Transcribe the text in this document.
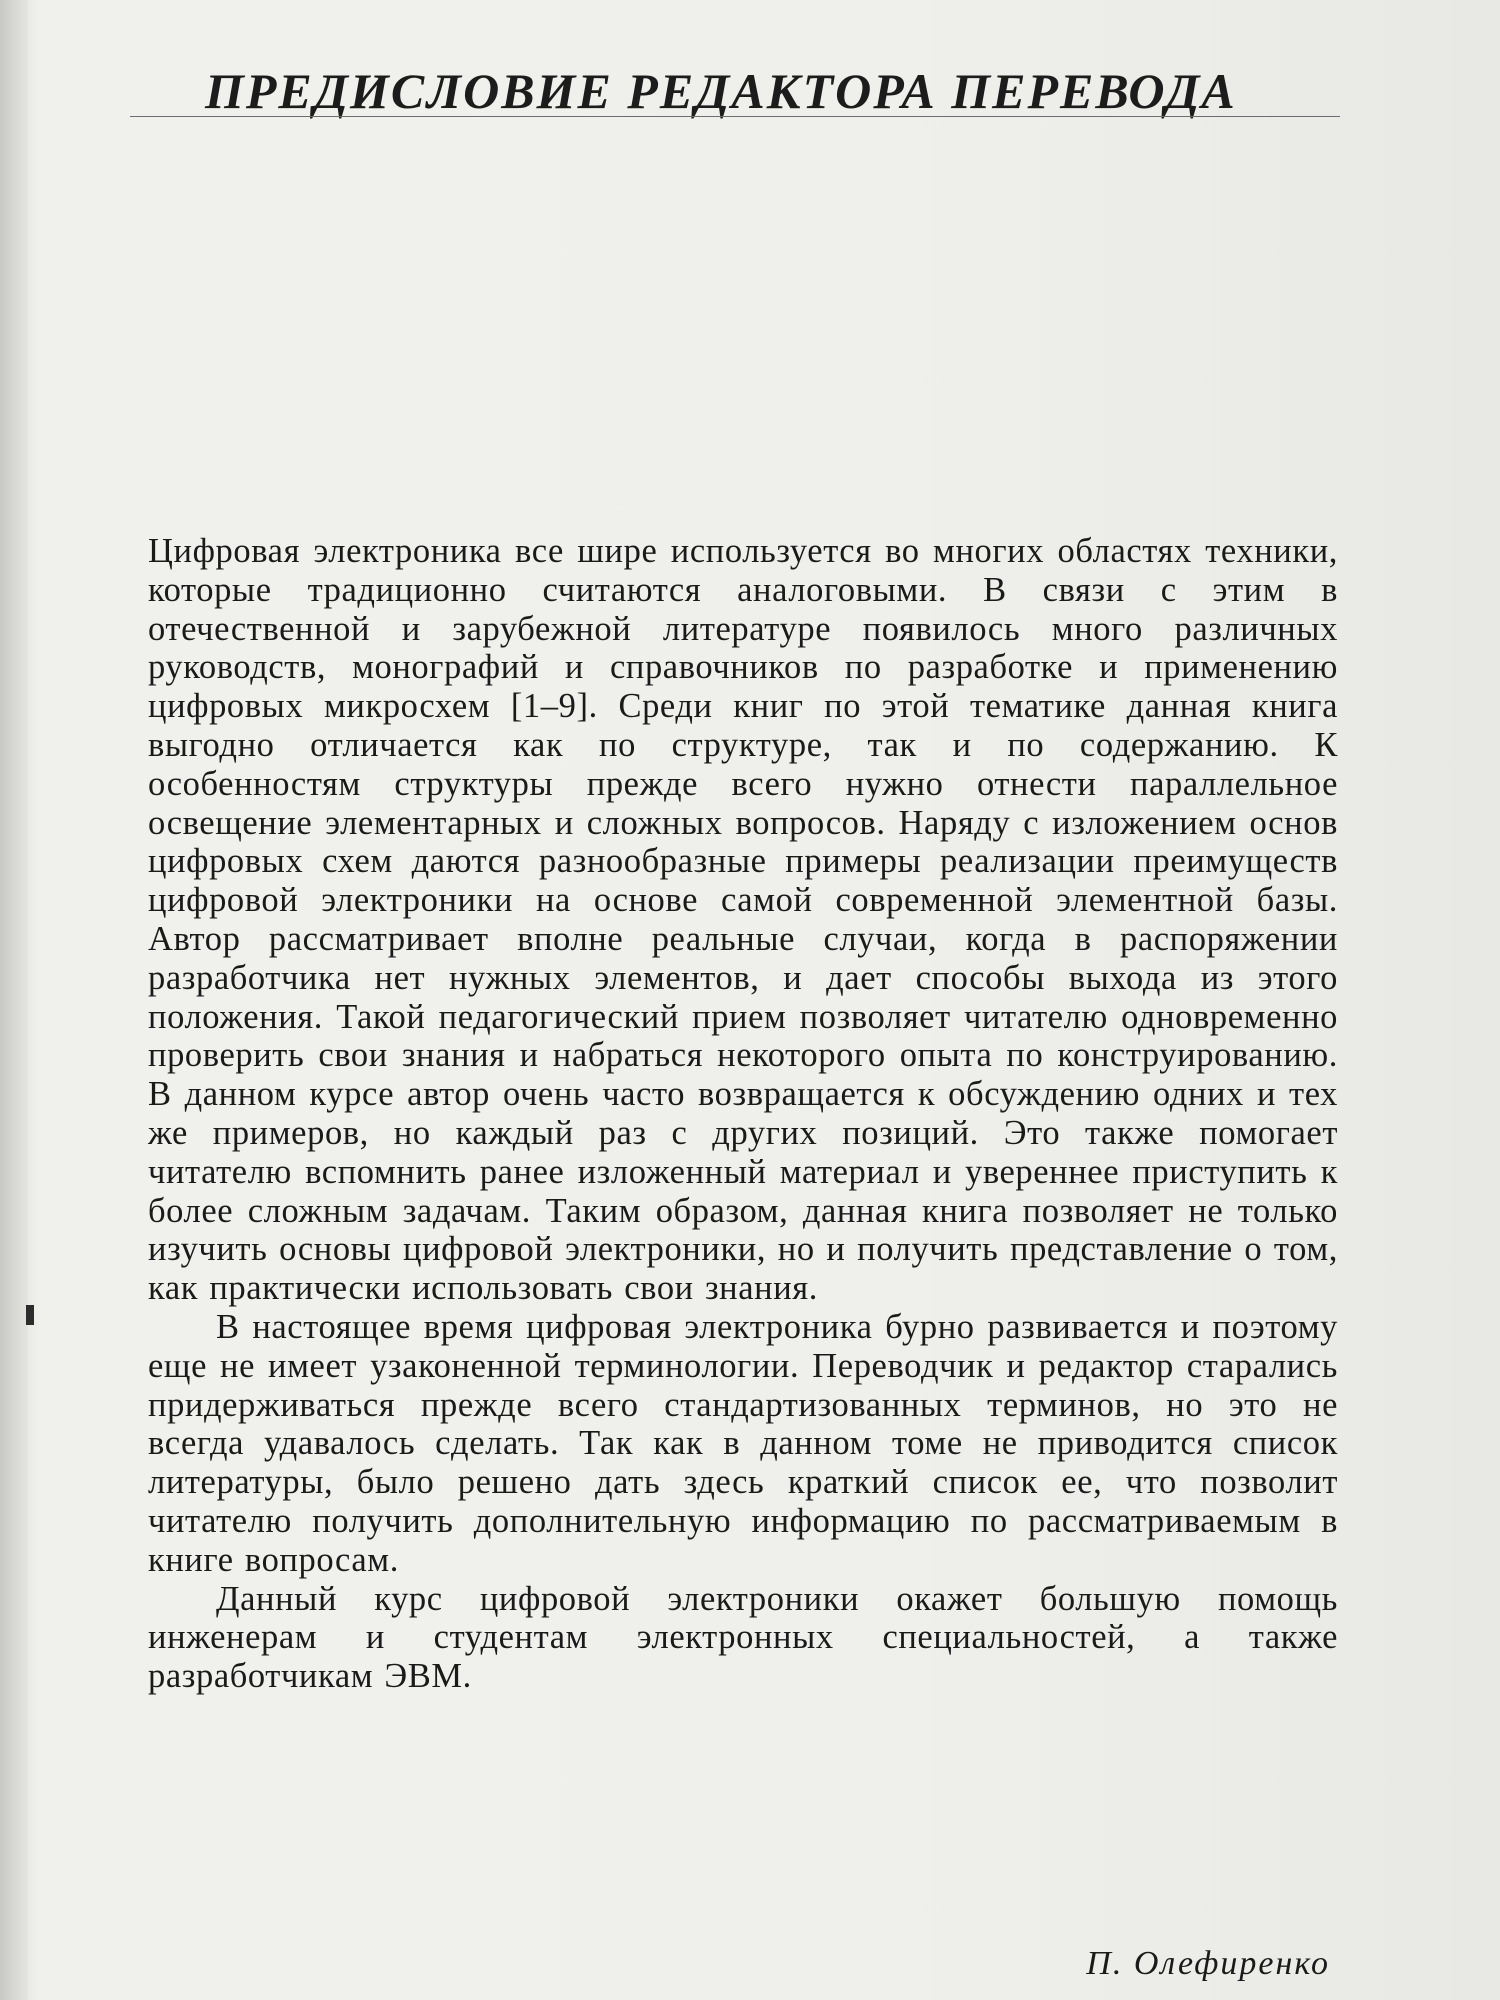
ПРЕДИСЛОВИЕ РЕДАКТОРА ПЕРЕВОДА

Цифровая электроника все шире используется во многих областях техники, которые традиционно считаются аналоговыми. В связи с этим в отечественной и зарубежной литературе появилось много различных руководств, монографий и справочников по разработке и применению цифровых микросхем [1–9]. Среди книг по этой тематике данная книга выгодно отличается как по структуре, так и по содержанию. К особенностям структуры прежде всего нужно отнести параллельное освещение элементарных и сложных вопросов. Наряду с изложением основ цифровых схем даются разнообразные примеры реализации преимуществ цифровой электроники на основе самой современной элементной базы. Автор рассматривает вполне реальные случаи, когда в распоряжении разработчика нет нужных элементов, и дает способы выхода из этого положения. Такой педагогический прием позволяет читателю одновременно проверить свои знания и набраться некоторого опыта по конструированию. В данном курсе автор очень часто возвращается к обсуждению одних и тех же примеров, но каждый раз с других позиций. Это также помогает читателю вспомнить ранее изложенный материал и увереннее приступить к более сложным задачам. Таким образом, данная книга позволяет не только изучить основы цифровой электроники, но и получить представление о том, как практически использовать свои знания.

В настоящее время цифровая электроника бурно развивается и поэтому еще не имеет узаконенной терминологии. Переводчик и редактор старались придерживаться прежде всего стандартизованных терминов, но это не всегда удавалось сделать. Так как в данном томе не приводится список литературы, было решено дать здесь краткий список ее, что позволит читателю получить дополнительную информацию по рассматриваемым в книге вопросам.

Данный курс цифровой электроники окажет большую помощь инженерам и студентам электронных специальностей, а также разработчикам ЭВМ.

П. Олефиренко
